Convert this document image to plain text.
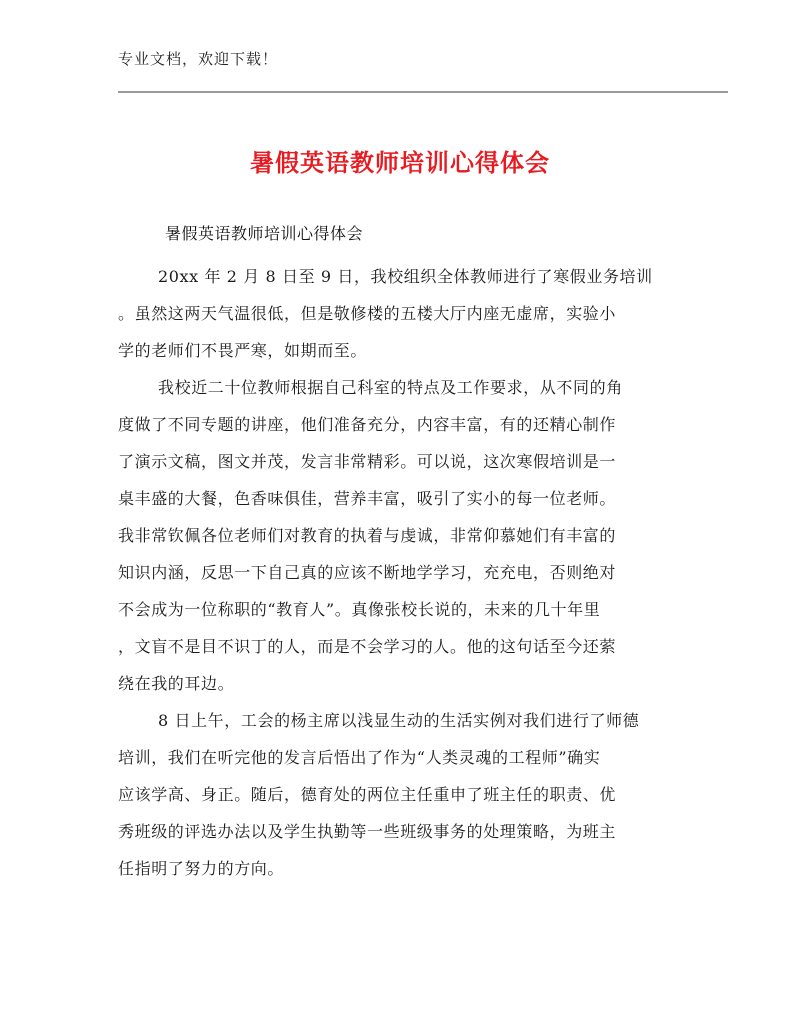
专业文档，欢迎下载！
暑假英语教师培训心得体会
暑假英语教师培训心得体会
20xx 年 2 月 8 日至 9 日，我校组织全体教师进行了寒假业务培训
。虽然这两天气温很低，但是敬修楼的五楼大厅内座无虚席，实验小
学的老师们不畏严寒，如期而至。
我校近二十位教师根据自己科室的特点及工作要求，从不同的角
度做了不同专题的讲座，他们准备充分，内容丰富，有的还精心制作
了演示文稿，图文并茂，发言非常精彩。可以说，这次寒假培训是一
桌丰盛的大餐，色香味俱佳，营养丰富，吸引了实小的每一位老师。
我非常钦佩各位老师们对教育的执着与虔诚，非常仰慕她们有丰富的
知识内涵，反思一下自己真的应该不断地学学习，充充电，否则绝对
不会成为一位称职的“教育人”。真像张校长说的，未来的几十年里
，文盲不是目不识丁的人，而是不会学习的人。他的这句话至今还萦
绕在我的耳边。
8 日上午，工会的杨主席以浅显生动的生活实例对我们进行了师德
培训，我们在听完他的发言后悟出了作为“人类灵魂的工程师”确实
应该学高、身正。随后，德育处的两位主任重申了班主任的职责、优
秀班级的评选办法以及学生执勤等一些班级事务的处理策略，为班主
任指明了努力的方向。
